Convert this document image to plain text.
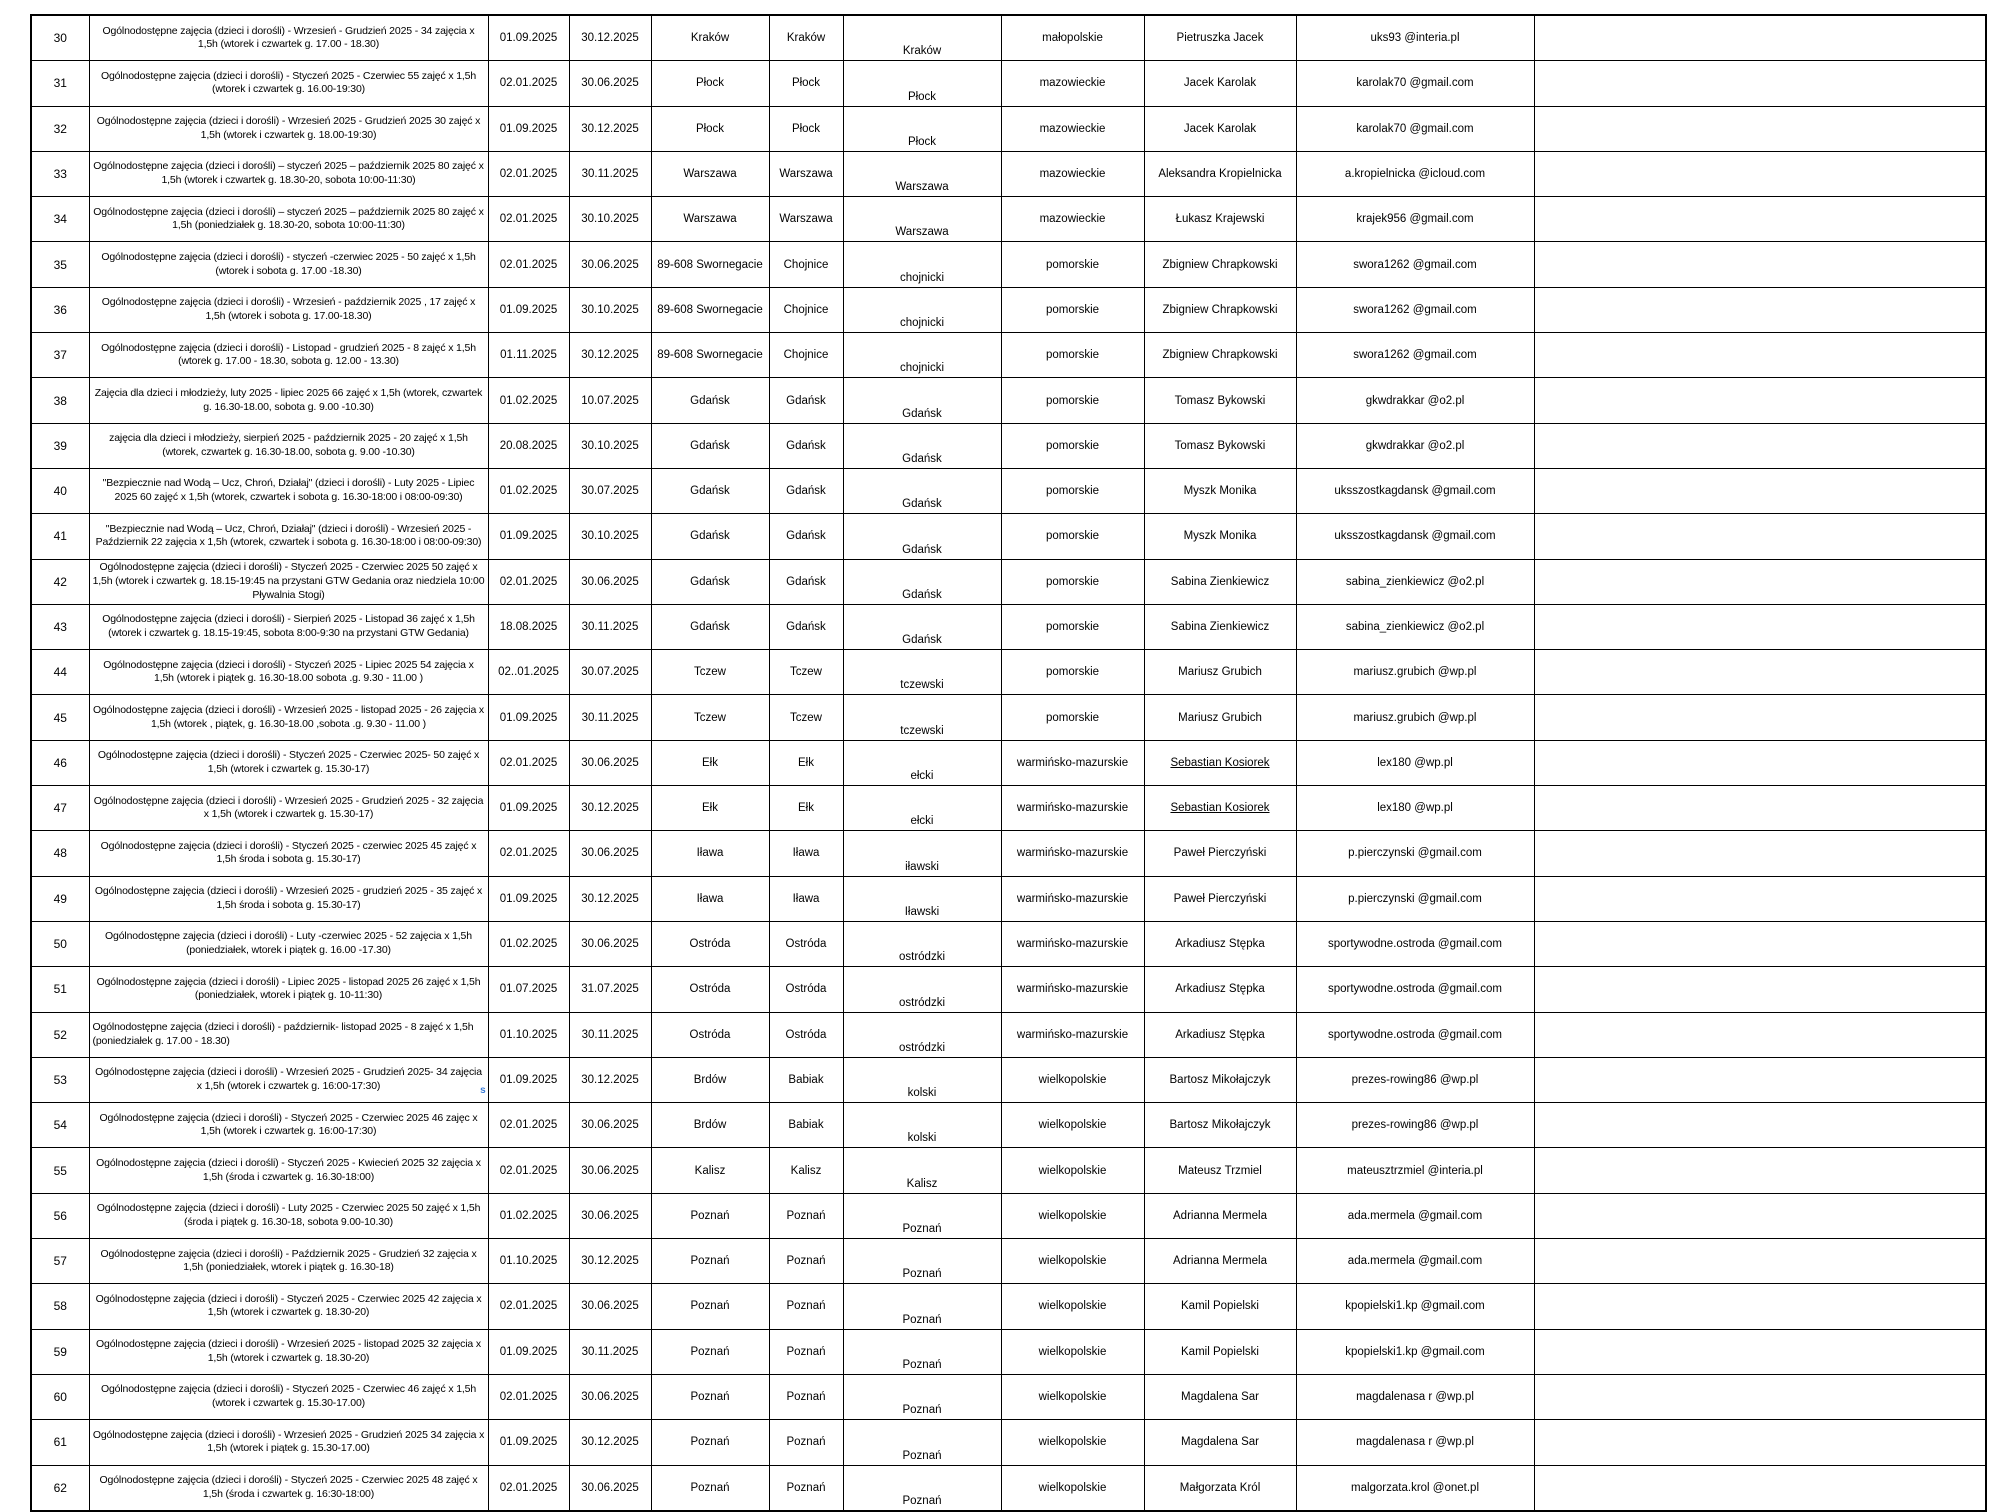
30	Ogólnodostępne zajęcia (dzieci i dorośli) - Wrzesień - Grudzień 2025 - 34 zajęcia x 1,5h (wtorek i czwartek g. 17.00 - 18.30)	01.09.2025	30.12.2025	Kraków	Kraków	Kraków	małopolskie	Pietruszka Jacek	uks93 @interia.pl	
31	Ogólnodostępne zajęcia (dzieci i dorośli) - Styczeń 2025 - Czerwiec 55 zajęć x 1,5h (wtorek i czwartek g. 16.00-19:30)	02.01.2025	30.06.2025	Płock	Płock	Płock	mazowieckie	Jacek Karolak	karolak70 @gmail.com	
32	Ogólnodostępne zajęcia (dzieci i dorośli) - Wrzesień 2025 - Grudzień 2025 30 zajęć x 1,5h (wtorek i czwartek g. 18.00-19:30)	01.09.2025	30.12.2025	Płock	Płock	Płock	mazowieckie	Jacek Karolak	karolak70 @gmail.com	
33	Ogólnodostępne zajęcia (dzieci i dorośli) – styczeń 2025 – październik 2025 80 zajęć x 1,5h (wtorek i czwartek g. 18.30-20, sobota 10:00-11:30)	02.01.2025	30.11.2025	Warszawa	Warszawa	Warszawa	mazowieckie	Aleksandra Kropielnicka	a.kropielnicka @icloud.com	
34	Ogólnodostępne zajęcia (dzieci i dorośli) – styczeń 2025 – październik 2025 80 zajęć x 1,5h (poniedziałek g. 18.30-20, sobota 10:00-11:30)	02.01.2025	30.10.2025	Warszawa	Warszawa	Warszawa	mazowieckie	Łukasz Krajewski	krajek956 @gmail.com	
35	Ogólnodostępne zajęcia (dzieci i dorośli) - styczeń -czerwiec 2025 - 50 zajęć x 1,5h (wtorek i sobota g. 17.00 -18.30)	02.01.2025	30.06.2025	89-608 Swornegacie	Chojnice	chojnicki	pomorskie	Zbigniew Chrapkowski	swora1262 @gmail.com	
36	Ogólnodostępne zajęcia (dzieci i dorośli) - Wrzesień - październik 2025 , 17 zajęć x 1,5h (wtorek i sobota g. 17.00-18.30)	01.09.2025	30.10.2025	89-608 Swornegacie	Chojnice	chojnicki	pomorskie	Zbigniew Chrapkowski	swora1262 @gmail.com	
37	Ogólnodostępne zajęcia (dzieci i dorośli) - Listopad - grudzień 2025 - 8 zajęć x 1,5h (wtorek g. 17.00 - 18.30, sobota g. 12.00 - 13.30)	01.11.2025	30.12.2025	89-608 Swornegacie	Chojnice	chojnicki	pomorskie	Zbigniew Chrapkowski	swora1262 @gmail.com	
38	Zajęcia dla dzieci i młodzieży, luty 2025 - lipiec 2025 66 zajęć x 1,5h (wtorek, czwartek g. 16.30-18.00, sobota g. 9.00 -10.30)	01.02.2025	10.07.2025	Gdańsk	Gdańsk	Gdańsk	pomorskie	Tomasz Bykowski	gkwdrakkar @o2.pl	
39	zajęcia dla dzieci i młodzieży, sierpień 2025 - październik 2025 - 20 zajęć x 1,5h (wtorek, czwartek g. 16.30-18.00, sobota g. 9.00 -10.30)	20.08.2025	30.10.2025	Gdańsk	Gdańsk	Gdańsk	pomorskie	Tomasz Bykowski	gkwdrakkar @o2.pl	
40	"Bezpiecznie nad Wodą – Ucz, Chroń, Działaj" (dzieci i dorośli) - Luty 2025 - Lipiec 2025 60 zajęć x 1,5h (wtorek, czwartek i sobota g. 16.30-18:00 i 08:00-09:30)	01.02.2025	30.07.2025	Gdańsk	Gdańsk	Gdańsk	pomorskie	Myszk Monika	uksszostkagdansk @gmail.com	
41	"Bezpiecznie nad Wodą – Ucz, Chroń, Działaj" (dzieci i dorośli) - Wrzesień 2025 - Październik 22 zajęcia x 1,5h (wtorek, czwartek i sobota g. 16.30-18:00 i 08:00-09:30)	01.09.2025	30.10.2025	Gdańsk	Gdańsk	Gdańsk	pomorskie	Myszk Monika	uksszostkagdansk @gmail.com	
42	Ogólnodostępne zajęcia (dzieci i dorośli) - Styczeń 2025 - Czerwiec 2025 50 zajęć x 1,5h (wtorek i czwartek g. 18.15-19:45 na przystani GTW Gedania oraz niedziela 10:00 Pływalnia Stogi)	02.01.2025	30.06.2025	Gdańsk	Gdańsk	Gdańsk	pomorskie	Sabina Zienkiewicz	sabina_zienkiewicz @o2.pl	
43	Ogólnodostępne zajęcia (dzieci i dorośli) - Sierpień 2025 - Listopad 36 zajęć x 1,5h (wtorek i czwartek g. 18.15-19:45, sobota 8:00-9:30 na przystani GTW Gedania)	18.08.2025	30.11.2025	Gdańsk	Gdańsk	Gdańsk	pomorskie	Sabina Zienkiewicz	sabina_zienkiewicz @o2.pl	
44	Ogólnodostępne zajęcia (dzieci i dorośli) - Styczeń 2025 - Lipiec 2025 54 zajęcia x 1,5h (wtorek i piątek g. 16.30-18.00 sobota .g. 9.30 - 11.00 )	02..01.2025	30.07.2025	Tczew	Tczew	tczewski	pomorskie	Mariusz Grubich	mariusz.grubich @wp.pl	
45	Ogólnodostępne zajęcia (dzieci i dorośli) - Wrzesień 2025 - listopad 2025 - 26 zajęcia x 1,5h (wtorek , piątek, g. 16.30-18.00 ,sobota .g. 9.30 - 11.00 )	01.09.2025	30.11.2025	Tczew	Tczew	tczewski	pomorskie	Mariusz Grubich	mariusz.grubich @wp.pl	
46	Ogólnodostępne zajęcia (dzieci i dorośli) - Styczeń 2025 - Czerwiec 2025- 50 zajęć x 1,5h (wtorek i czwartek g. 15.30-17)	02.01.2025	30.06.2025	Ełk	Ełk	ełcki	warmińsko-mazurskie	Sebastian Kosiorek	lex180 @wp.pl	
47	Ogólnodostępne zajęcia (dzieci i dorośli) - Wrzesień 2025 - Grudzień 2025 - 32 zajęcia x 1,5h (wtorek i czwartek g. 15.30-17)	01.09.2025	30.12.2025	Ełk	Ełk	ełcki	warmińsko-mazurskie	Sebastian Kosiorek	lex180 @wp.pl	
48	Ogólnodostępne zajęcia (dzieci i dorośli) - Styczeń 2025 - czerwiec 2025 45 zajęć x 1,5h środa i sobota g. 15.30-17)	02.01.2025	30.06.2025	Iława	Iława	iławski	warmińsko-mazurskie	Paweł Pierczyński	p.pierczynski @gmail.com	
49	Ogólnodostępne zajęcia (dzieci i dorośli) - Wrzesień 2025 - grudzień 2025 - 35 zajęć x 1,5h środa i sobota g. 15.30-17)	01.09.2025	30.12.2025	Iława	Iława	Iławski	warmińsko-mazurskie	Paweł Pierczyński	p.pierczynski @gmail.com	
50	Ogólnodostępne zajęcia (dzieci i dorośli) - Luty -czerwiec 2025 - 52 zajęcia x 1,5h (poniedziałek, wtorek i piątek g. 16.00 -17.30)	01.02.2025	30.06.2025	Ostróda	Ostróda	ostródzki	warmińsko-mazurskie	Arkadiusz Stępka	sportywodne.ostroda @gmail.com	
51	Ogólnodostępne zajęcia (dzieci i dorośli) - Lipiec 2025 - listopad 2025 26 zajęć x 1,5h (poniedziałek, wtorek i piątek g. 10-11:30)	01.07.2025	31.07.2025	Ostróda	Ostróda	ostródzki	warmińsko-mazurskie	Arkadiusz Stępka	sportywodne.ostroda @gmail.com	
52	Ogólnodostępne zajęcia (dzieci i dorośli) - październik- listopad 2025 - 8 zajęć x 1,5h (poniedziałek g. 17.00 - 18.30)	01.10.2025	30.11.2025	Ostróda	Ostróda	ostródzki	warmińsko-mazurskie	Arkadiusz Stępka	sportywodne.ostroda @gmail.com	
53	Ogólnodostępne zajęcia (dzieci i dorośli) - Wrzesień 2025 - Grudzień 2025- 34 zajęcia x 1,5h (wtorek i czwartek g. 16:00-17:30) s	01.09.2025	30.12.2025	Brdów	Babiak	kolski	wielkopolskie	Bartosz Mikołajczyk	prezes-rowing86 @wp.pl	
54	Ogólnodostępne zajęcia (dzieci i dorośli) - Styczeń 2025 - Czerwiec 2025 46 zajęc x 1,5h (wtorek i czwartek g. 16:00-17:30)	02.01.2025	30.06.2025	Brdów	Babiak	kolski	wielkopolskie	Bartosz Mikołajczyk	prezes-rowing86 @wp.pl	
55	Ogólnodostępne zajęcia (dzieci i dorośli) - Styczeń 2025 - Kwiecień 2025 32 zajęcia x 1,5h (środa i czwartek g. 16.30-18:00)	02.01.2025	30.06.2025	Kalisz	Kalisz	Kalisz	wielkopolskie	Mateusz Trzmiel	mateusztrzmiel @interia.pl	
56	Ogólnodostępne zajęcia (dzieci i dorośli) - Luty 2025 - Czerwiec 2025 50 zajęć x 1,5h (środa i piątek g. 16.30-18, sobota 9.00-10.30)	01.02.2025	30.06.2025	Poznań	Poznań	Poznań	wielkopolskie	Adrianna Mermela	ada.mermela @gmail.com	
57	Ogólnodostępne zajęcia (dzieci i dorośli) - Październik 2025 - Grudzień 32 zajęcia x 1,5h (poniedziałek, wtorek i piątek g. 16.30-18)	01.10.2025	30.12.2025	Poznań	Poznań	Poznań	wielkopolskie	Adrianna Mermela	ada.mermela @gmail.com	
58	Ogólnodostępne zajęcia (dzieci i dorośli) - Styczeń 2025 - Czerwiec 2025 42 zajęcia x 1,5h (wtorek i czwartek g. 18.30-20)	02.01.2025	30.06.2025	Poznań	Poznań	Poznań	wielkopolskie	Kamil Popielski	kpopielski1.kp @gmail.com	
59	Ogólnodostępne zajęcia (dzieci i dorośli) - Wrzesień 2025 - listopad 2025 32 zajęcia x 1,5h (wtorek i czwartek g. 18.30-20)	01.09.2025	30.11.2025	Poznań	Poznań	Poznań	wielkopolskie	Kamil Popielski	kpopielski1.kp @gmail.com	
60	Ogólnodostępne zajęcia (dzieci i dorośli) - Styczeń 2025 - Czerwiec 46 zajęć x 1,5h (wtorek i czwartek g. 15.30-17.00)	02.01.2025	30.06.2025	Poznań	Poznań	Poznań	wielkopolskie	Magdalena Sar	magdalenasa r @wp.pl	
61	Ogólnodostępne zajęcia (dzieci i dorośli) - Wrzesień 2025 - Grudzień 2025 34 zajęcia x 1,5h (wtorek i piątek g. 15.30-17.00)	01.09.2025	30.12.2025	Poznań	Poznań	Poznań	wielkopolskie	Magdalena Sar	magdalenasa r @wp.pl	
62	Ogólnodostępne zajęcia (dzieci i dorośli) - Styczeń 2025 - Czerwiec 2025 48 zajęć x 1,5h (środa i czwartek g. 16:30-18:00)	02.01.2025	30.06.2025	Poznań	Poznań	Poznań	wielkopolskie	Małgorzata Król	malgorzata.krol @onet.pl	
